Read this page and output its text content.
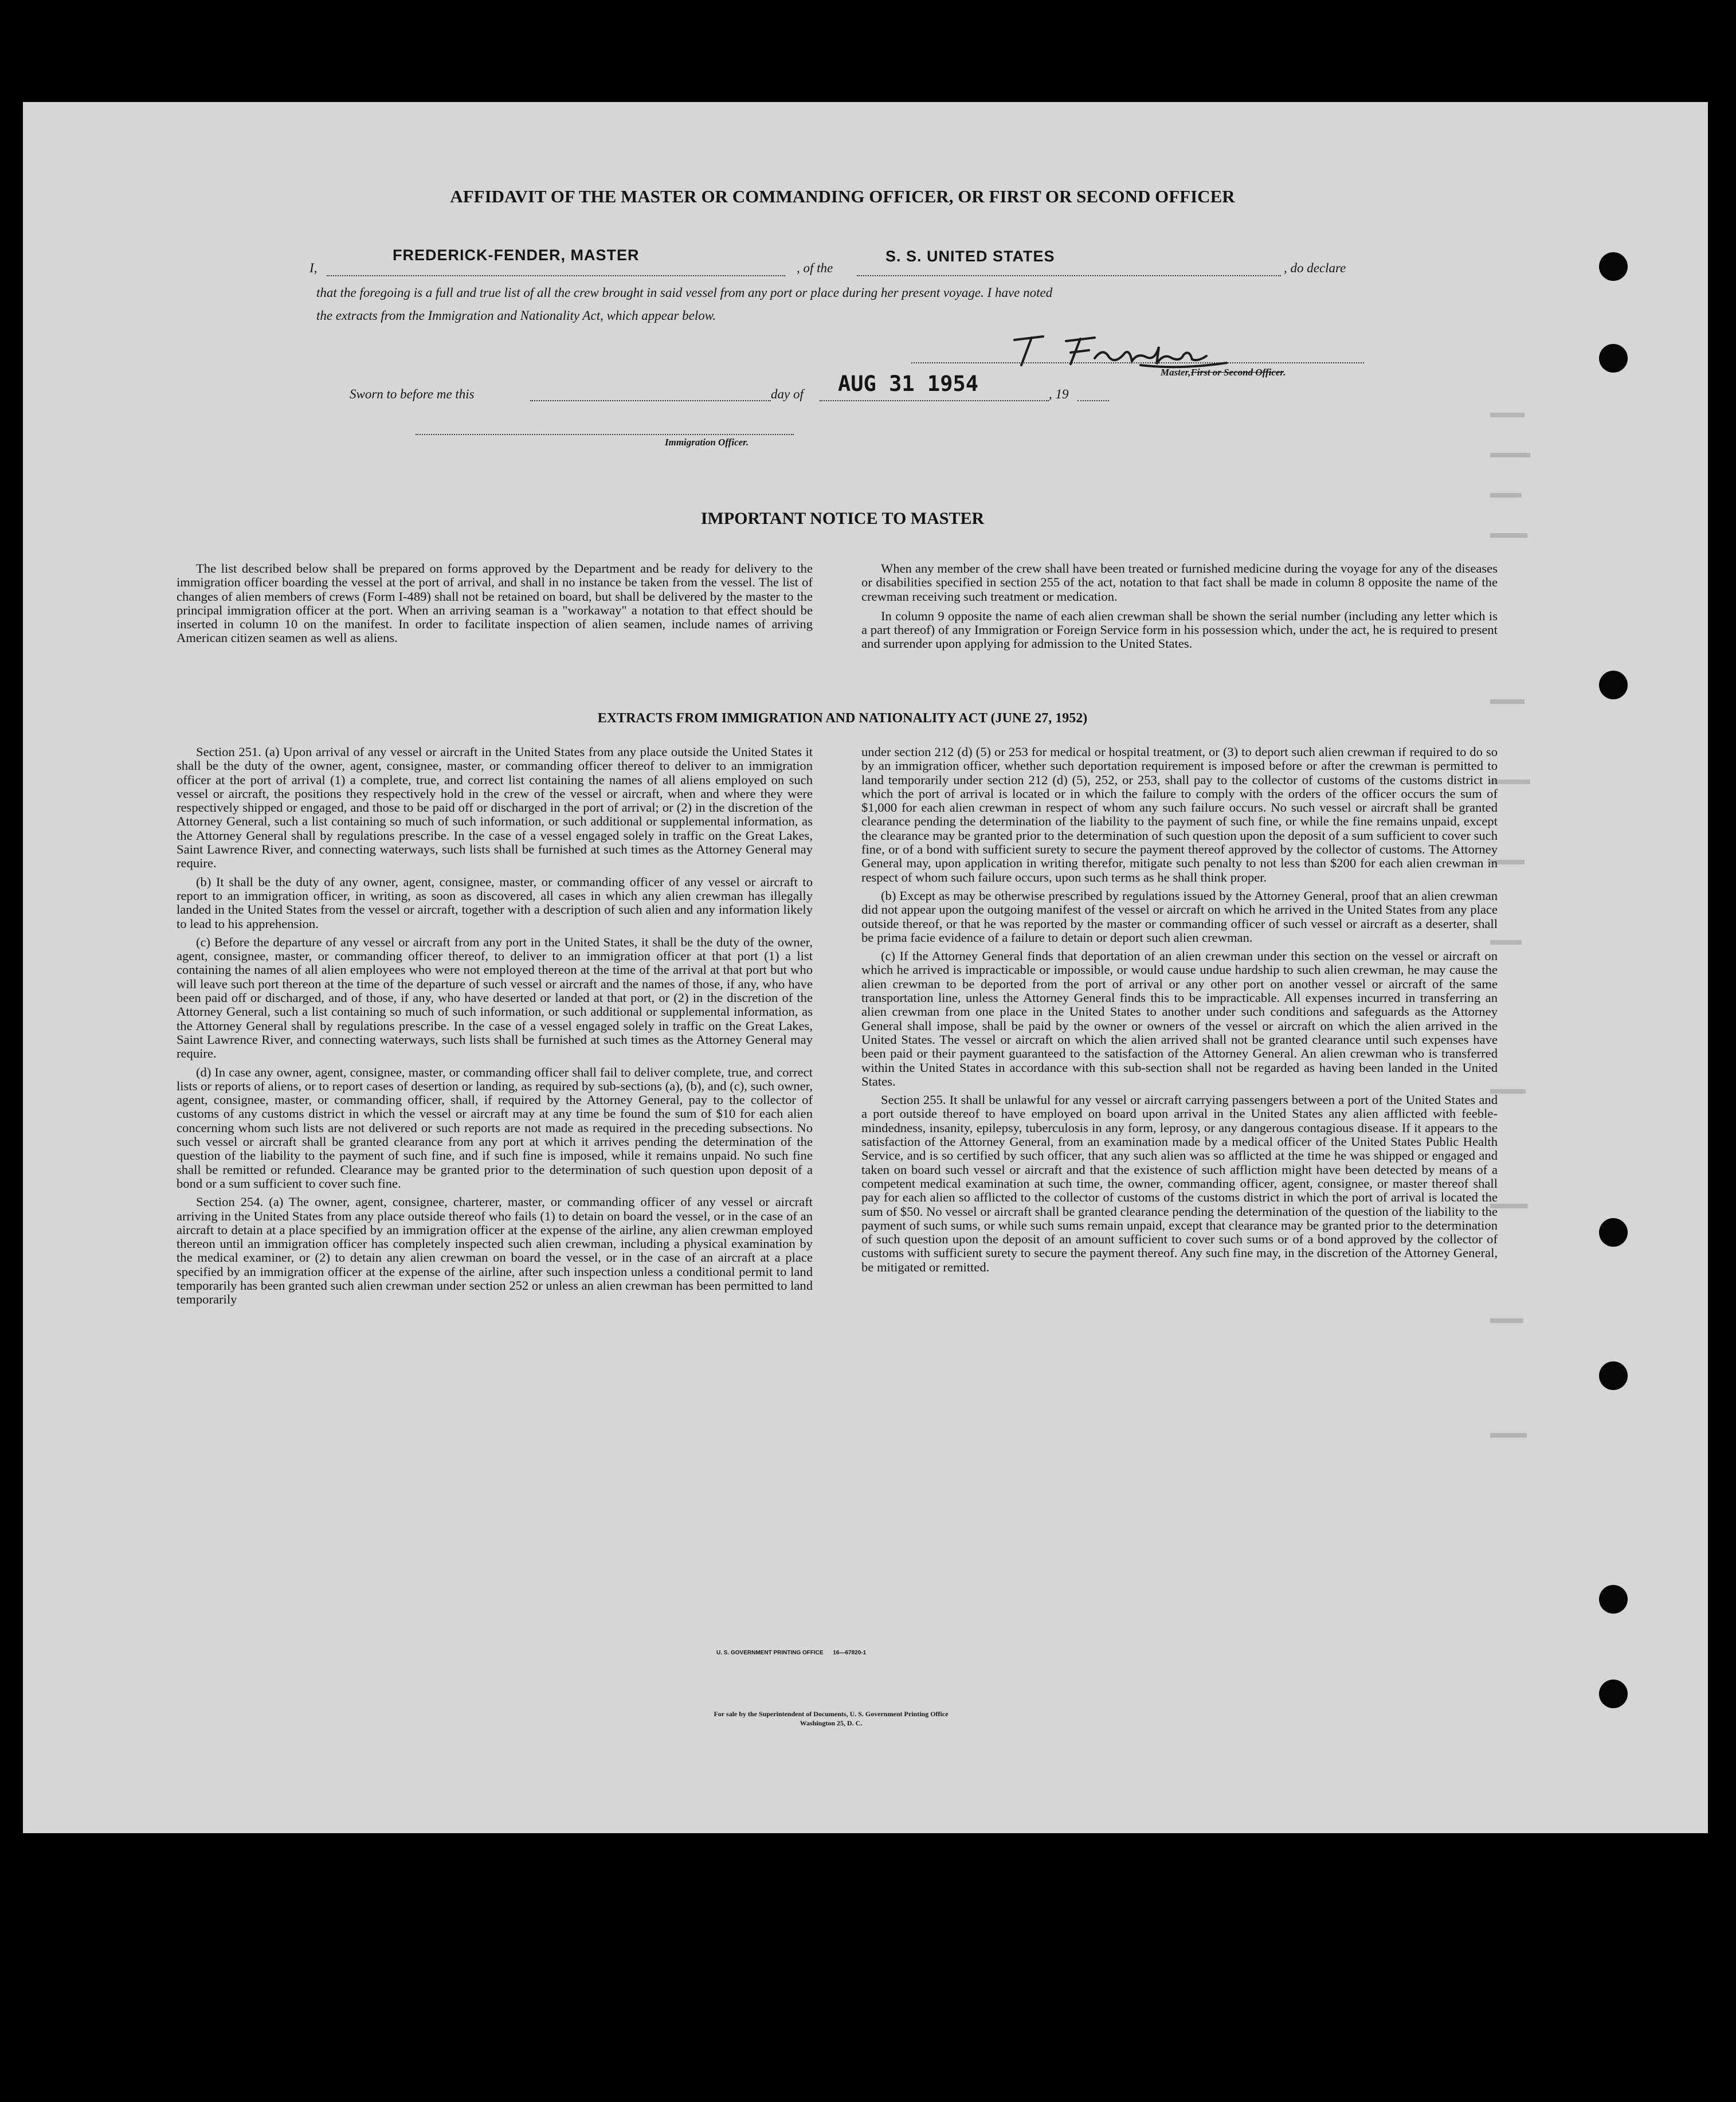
AFFIDAVIT OF THE MASTER OR COMMANDING OFFICER, OR FIRST OR SECOND OFFICER
I,
FREDERICK-FENDER, MASTER
, of the
S. S. UNITED STATES
, do declare
that the foregoing is a full and true list of all the crew brought in said vessel from any port or place during her present voyage. I have noted
the extracts from the Immigration and Nationality Act, which appear below.
Master,First or Second Officer.
Sworn to before me this	day of AUG 31 1954	, 19
Immigration Officer.
IMPORTANT NOTICE TO MASTER

The list described below shall be prepared on forms approved by the Department and be ready for delivery to the immigration officer boarding the vessel at the port of arrival, and shall in no instance be taken from the vessel. The list of changes of alien members of crews (Form I-489) shall not be retained on board, but shall be delivered by the master to the principal immigration officer at the port. When an arriving seaman is a "workaway" a notation to that effect should be inserted in column 10 on the manifest. In order to facilitate inspection of alien seamen, include names of arriving American citizen seamen as well as aliens.

When any member of the crew shall have been treated or furnished medicine during the voyage for any of the diseases or disabilities specified in section 255 of the act, notation to that fact shall be made in column 8 opposite the name of the crewman receiving such treatment or medication.

In column 9 opposite the name of each alien crewman shall be shown the serial number (including any letter which is a part thereof) of any Immigration or Foreign Service form in his possession which, under the act, he is required to present and surrender upon applying for admission to the United States.

EXTRACTS FROM IMMIGRATION AND NATIONALITY ACT (JUNE 27, 1952)

Section 251. (a) Upon arrival of any vessel or aircraft in the United States from any place outside the United States it shall be the duty of the owner, agent, consignee, master, or commanding officer thereof to deliver to an immigration officer at the port of arrival (1) a complete, true, and correct list containing the names of all aliens employed on such vessel or aircraft, the positions they respectively hold in the crew of the vessel or aircraft, when and where they were respectively shipped or engaged, and those to be paid off or discharged in the port of arrival; or (2) in the discretion of the Attorney General, such a list containing so much of such information, or such additional or supplemental information, as the Attorney General shall by regulations prescribe. In the case of a vessel engaged solely in traffic on the Great Lakes, Saint Lawrence River, and connecting waterways, such lists shall be furnished at such times as the Attorney General may require.

(b) It shall be the duty of any owner, agent, consignee, master, or commanding officer of any vessel or aircraft to report to an immigration officer, in writing, as soon as discovered, all cases in which any alien crewman has illegally landed in the United States from the vessel or aircraft, together with a description of such alien and any information likely to lead to his apprehension.

(c) Before the departure of any vessel or aircraft from any port in the United States, it shall be the duty of the owner, agent, consignee, master, or commanding officer thereof, to deliver to an immigration officer at that port (1) a list containing the names of all alien employees who were not employed thereon at the time of the arrival at that port but who will leave such port thereon at the time of the departure of such vessel or aircraft and the names of those, if any, who have been paid off or discharged, and of those, if any, who have deserted or landed at that port, or (2) in the discretion of the Attorney General, such a list containing so much of such information, or such additional or supplemental information, as the Attorney General shall by regulations prescribe. In the case of a vessel engaged solely in traffic on the Great Lakes, Saint Lawrence River, and connecting waterways, such lists shall be furnished at such times as the Attorney General may require.

(d) In case any owner, agent, consignee, master, or commanding officer shall fail to deliver complete, true, and correct lists or reports of aliens, or to report cases of desertion or landing, as required by sub-sections (a), (b), and (c), such owner, agent, consignee, master, or commanding officer, shall, if required by the Attorney General, pay to the collector of customs of any customs district in which the vessel or aircraft may at any time be found the sum of $10 for each alien concerning whom such lists are not delivered or such reports are not made as required in the preceding subsections. No such vessel or aircraft shall be granted clearance from any port at which it arrives pending the determination of the question of the liability to the payment of such fine, and if such fine is imposed, while it remains unpaid. No such fine shall be remitted or refunded. Clearance may be granted prior to the determination of such question upon deposit of a bond or a sum sufficient to cover such fine.

Section 254. (a) The owner, agent, consignee, charterer, master, or commanding officer of any vessel or aircraft arriving in the United States from any place outside thereof who fails (1) to detain on board the vessel, or in the case of an aircraft to detain at a place specified by an immigration officer at the expense of the airline, any alien crewman employed thereon until an immigration officer has completely inspected such alien crewman, including a physical examination by the medical examiner, or (2) to detain any alien crewman on board the vessel, or in the case of an aircraft at a place specified by an immigration officer at the expense of the airline, after such inspection unless a conditional permit to land temporarily has been granted such alien crewman under section 252 or unless an alien crewman has been permitted to land temporarily

under section 212 (d) (5) or 253 for medical or hospital treatment, or (3) to deport such alien crewman if required to do so by an immigration officer, whether such deportation requirement is imposed before or after the crewman is permitted to land temporarily under section 212 (d) (5), 252, or 253, shall pay to the collector of customs of the customs district in which the port of arrival is located or in which the failure to comply with the orders of the officer occurs the sum of $1,000 for each alien crewman in respect of whom any such failure occurs. No such vessel or aircraft shall be granted clearance pending the determination of the liability to the payment of such fine, or while the fine remains unpaid, except the clearance may be granted prior to the determination of such question upon the deposit of a sum sufficient to cover such fine, or of a bond with sufficient surety to secure the payment thereof approved by the collector of customs. The Attorney General may, upon application in writing therefor, mitigate such penalty to not less than $200 for each alien crewman in respect of whom such failure occurs, upon such terms as he shall think proper.

(b) Except as may be otherwise prescribed by regulations issued by the Attorney General, proof that an alien crewman did not appear upon the outgoing manifest of the vessel or aircraft on which he arrived in the United States from any place outside thereof, or that he was reported by the master or commanding officer of such vessel or aircraft as a deserter, shall be prima facie evidence of a failure to detain or deport such alien crewman.

(c) If the Attorney General finds that deportation of an alien crewman under this section on the vessel or aircraft on which he arrived is impracticable or impossible, or would cause undue hardship to such alien crewman, he may cause the alien crewman to be deported from the port of arrival or any other port on another vessel or aircraft of the same transportation line, unless the Attorney General finds this to be impracticable. All expenses incurred in transferring an alien crewman from one place in the United States to another under such conditions and safeguards as the Attorney General shall impose, shall be paid by the owner or owners of the vessel or aircraft on which the alien arrived in the United States. The vessel or aircraft on which the alien arrived shall not be granted clearance until such expenses have been paid or their payment guaranteed to the satisfaction of the Attorney General. An alien crewman who is transferred within the United States in accordance with this sub-section shall not be regarded as having been landed in the United States.

Section 255. It shall be unlawful for any vessel or aircraft carrying passengers between a port of the United States and a port outside thereof to have employed on board upon arrival in the United States any alien afflicted with feeble-mindedness, insanity, epilepsy, tuberculosis in any form, leprosy, or any dangerous contagious disease. If it appears to the satisfaction of the Attorney General, from an examination made by a medical officer of the United States Public Health Service, and is so certified by such officer, that any such alien was so afflicted at the time he was shipped or engaged and taken on board such vessel or aircraft and that the existence of such affliction might have been detected by means of a competent medical examination at such time, the owner, commanding officer, agent, consignee, or master thereof shall pay for each alien so afflicted to the collector of customs of the customs district in which the port of arrival is located the sum of $50. No vessel or aircraft shall be granted clearance pending the determination of the question of the liability to the payment of such sums, or while such sums remain unpaid, except that clearance may be granted prior to the determination of such question upon the deposit of an amount sufficient to cover such sums or of a bond approved by the collector of customs with sufficient surety to secure the payment thereof. Any such fine may, in the discretion of the Attorney General, be mitigated or remitted.

U. S. GOVERNMENT PRINTING OFFICE      16—67820-1
For sale by the Superintendent of Documents, U. S. Government Printing Office
Washington 25, D. C.
